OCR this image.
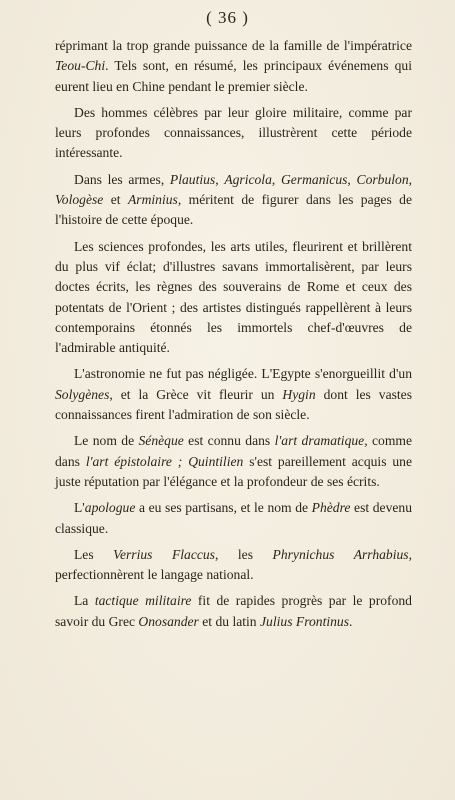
( 36 )

réprimant la trop grande puissance de la famille de l'impératrice Teou-Chi. Tels sont, en résumé, les principaux événemens qui eurent lieu en Chine pendant le premier siècle.

Des hommes célèbres par leur gloire militaire, comme par leurs profondes connaissances, illustrèrent cette période intéressante.

Dans les armes, Plautius, Agricola, Germanicus, Corbulon, Vologèse et Arminius, méritent de figurer dans les pages de l'histoire de cette époque.

Les sciences profondes, les arts utiles, fleurirent et brillèrent du plus vif éclat; d'illustres savans immortalisèrent, par leurs doctes écrits, les règnes des souverains de Rome et ceux des potentats de l'Orient ; des artistes distingués rappellèrent à leurs contemporains étonnés les immortels chef-d'œuvres de l'admirable antiquité.

L'astronomie ne fut pas négligée. L'Egypte s'enorgueillit d'un Solygènes, et la Grèce vit fleurir un Hygin dont les vastes connaissances firent l'admiration de son siècle.

Le nom de Sénèque est connu dans l'art dramatique, comme dans l'art épistolaire ; Quintilien s'est pareillement acquis une juste réputation par l'élégance et la profondeur de ses écrits.

L'apologue a eu ses partisans, et le nom de Phèdre est devenu classique.

Les Verrius Flaccus, les Phrynichus Arrhabius, perfectionnèrent le langage national.

La tactique militaire fit de rapides progrès par le profond savoir du Grec Onosander et du latin Julius Frontinus.
